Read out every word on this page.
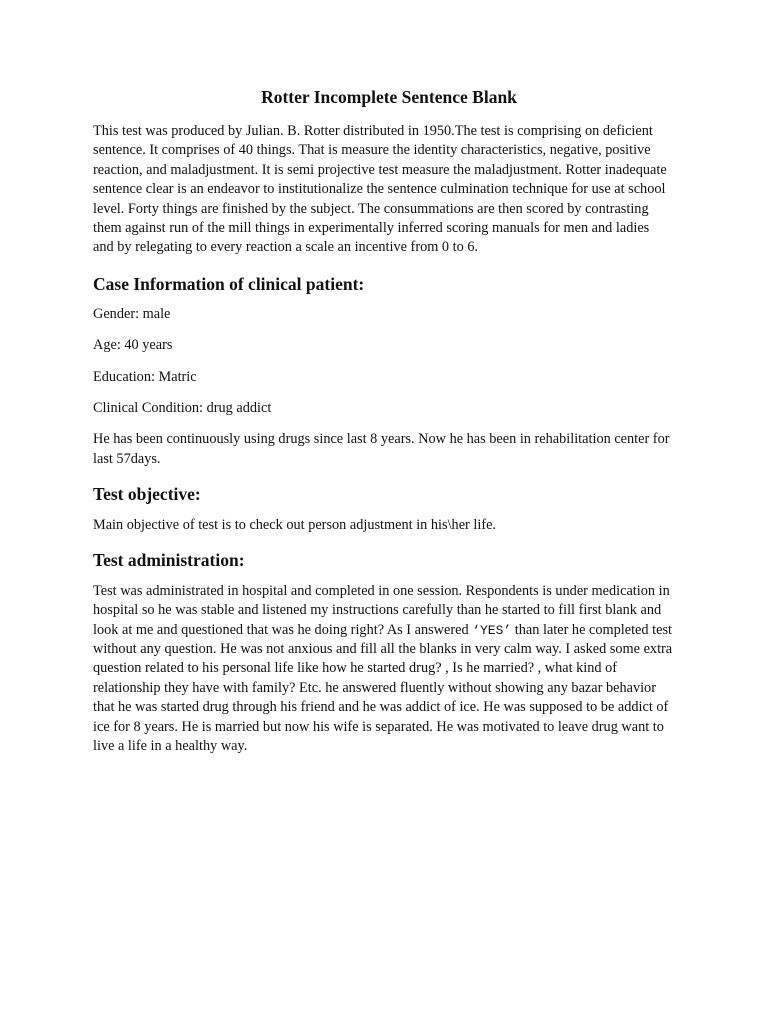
Rotter Incomplete Sentence Blank

This test was produced by Julian. B. Rotter distributed in 1950.The test is comprising on deficient sentence. It comprises of 40 things. That is measure the identity characteristics, negative, positive reaction, and maladjustment. It is semi projective test measure the maladjustment. Rotter inadequate sentence clear is an endeavor to institutionalize the sentence culmination technique for use at school level. Forty things are finished by the subject. The consummations are then scored by contrasting them against run of the mill things in experimentally inferred scoring manuals for men and ladies and by relegating to every reaction a scale an incentive from 0 to 6.

Case Information of clinical patient:

Gender: male

Age: 40 years

Education: Matric

Clinical Condition: drug addict

He has been continuously using drugs since last 8 years. Now he has been in rehabilitation center for last 57days.

Test objective:

Main objective of test is to check out person adjustment in his\her life.

Test administration:

Test was administrated in hospital and completed in one session. Respondents is under medication in hospital so he was stable and listened my instructions carefully than he started to fill first blank and look at me and questioned that was he doing right? As I answered ‘YES’ than later he completed test without any question. He was not anxious and fill all the blanks in very calm way. I asked some extra question related to his personal life like how he started drug? , Is he married? , what kind of relationship they have with family? Etc. he answered fluently without showing any bazar behavior that he was started drug through his friend and he was addict of ice. He was supposed to be addict of ice for 8 years. He is married but now his wife is separated. He was motivated to leave drug want to live a life in a healthy way.
